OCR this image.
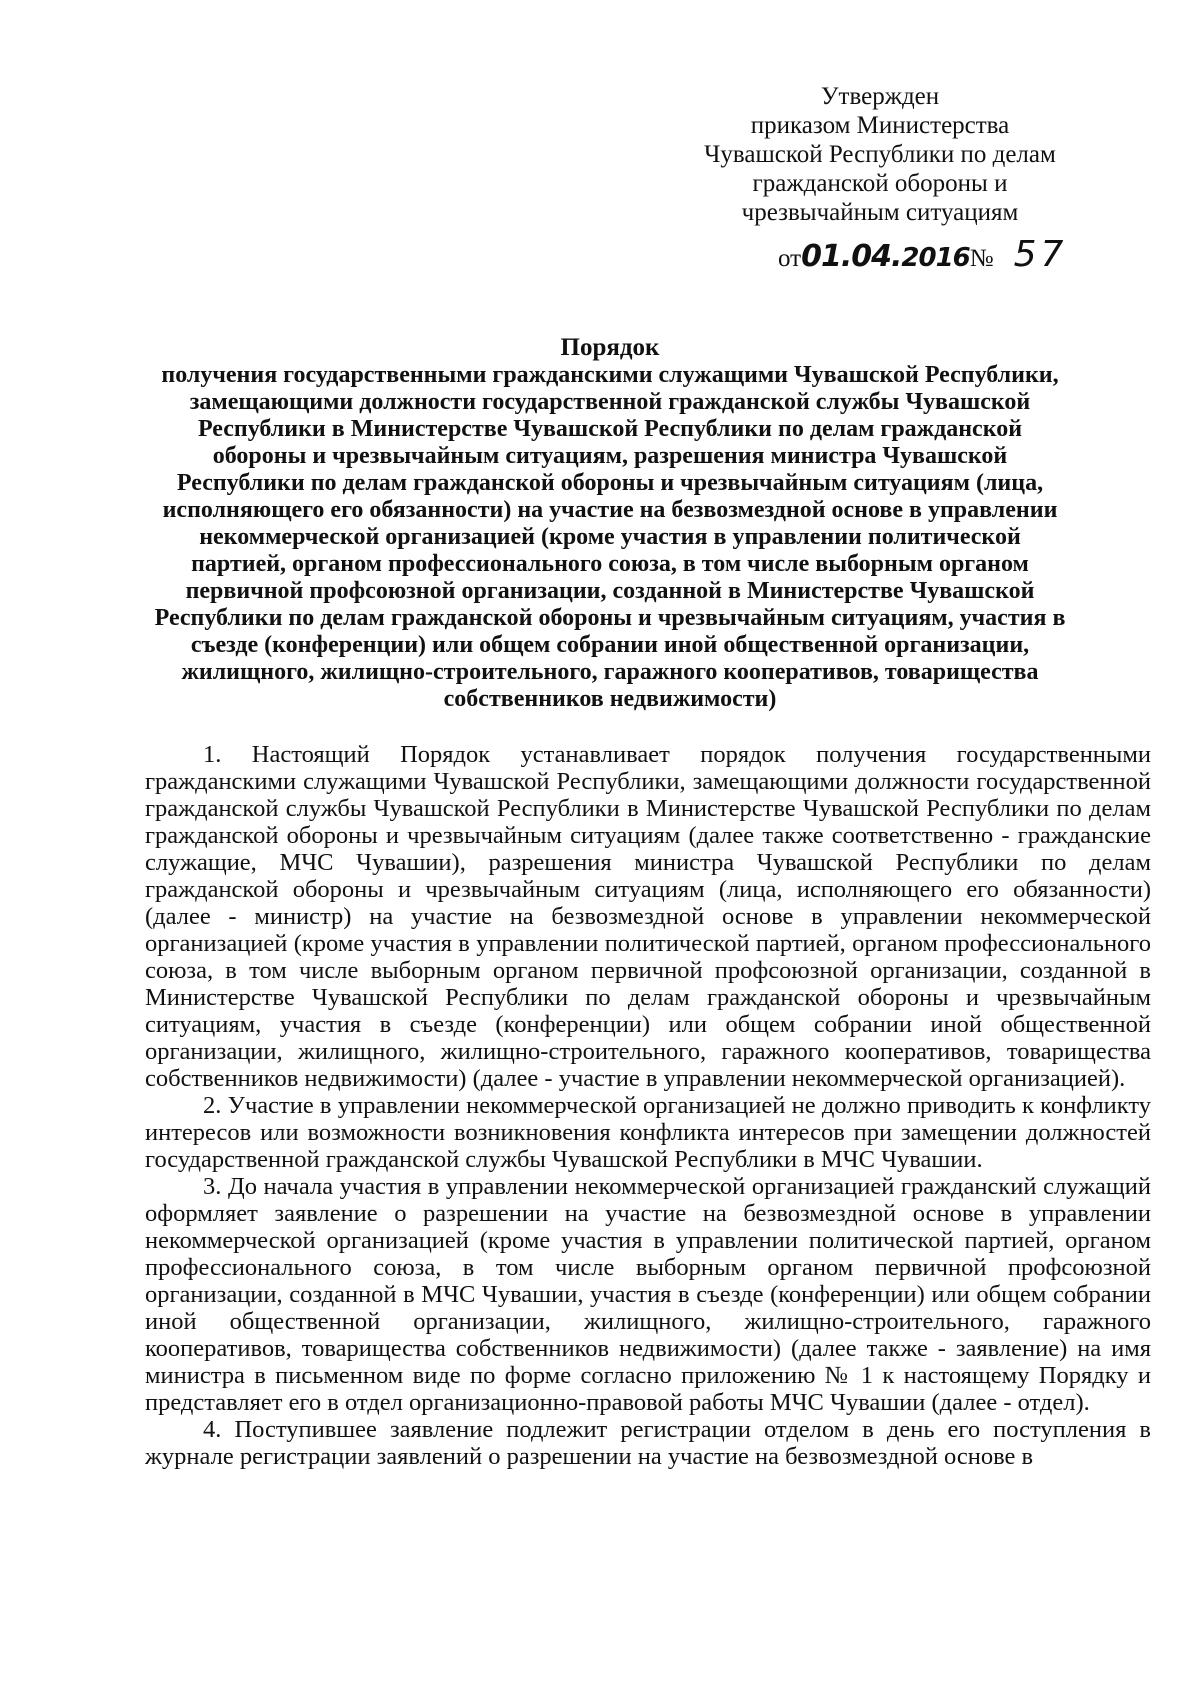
Утвержден
приказом Министерства
Чувашской Республики по делам
гражданской обороны и
чрезвычайным ситуациям
от01.04.2016№ 57
Порядок
получения государственными гражданскими служащими Чувашской Республики,
замещающими должности государственной гражданской службы Чувашской
Республики в Министерстве Чувашской Республики по делам гражданской
обороны и чрезвычайным ситуациям, разрешения министра Чувашской
Республики по делам гражданской обороны и чрезвычайным ситуациям (лица,
исполняющего его обязанности) на участие на безвозмездной основе в управлении
некоммерческой организацией (кроме участия в управлении политической
партией, органом профессионального союза, в том числе выборным органом
первичной профсоюзной организации, созданной в Министерстве Чувашской
Республики по делам гражданской обороны и чрезвычайным ситуациям, участия в
съезде (конференции) или общем собрании иной общественной организации,
жилищного, жилищно-строительного, гаражного кооперативов, товарищества
собственников недвижимости)

1. Настоящий Порядок устанавливает порядок получения государственными гражданскими служащими Чувашской Республики, замещающими должности государственной гражданской службы Чувашской Республики в Министерстве Чувашской Республики по делам гражданской обороны и чрезвычайным ситуациям (далее также соответственно - гражданские служащие, МЧС Чувашии), разрешения министра Чувашской Республики по делам гражданской обороны и чрезвычайным ситуациям (лица, исполняющего его обязанности) (далее - министр) на участие на безвозмездной основе в управлении некоммерческой организацией (кроме участия в управлении политической партией, органом профессионального союза, в том числе выборным органом первичной профсоюзной организации, созданной в Министерстве Чувашской Республики по делам гражданской обороны и чрезвычайным ситуациям, участия в съезде (конференции) или общем собрании иной общественной организации, жилищного, жилищно-строительного, гаражного кооперативов, товарищества собственников недвижимости) (далее - участие в управлении некоммерческой организацией).

2. Участие в управлении некоммерческой организацией не должно приводить к конфликту интересов или возможности возникновения конфликта интересов при замещении должностей государственной гражданской службы Чувашской Республики в МЧС Чувашии.

3. До начала участия в управлении некоммерческой организацией гражданский служащий оформляет заявление о разрешении на участие на безвозмездной основе в управлении некоммерческой организацией (кроме участия в управлении политической партией, органом профессионального союза, в том числе выборным органом первичной профсоюзной организации, созданной в МЧС Чувашии, участия в съезде (конференции) или общем собрании иной общественной организации, жилищного, жилищно-строительного, гаражного кооперативов, товарищества собственников недвижимости) (далее также - заявление) на имя министра в письменном виде по форме согласно приложению № 1 к настоящему Порядку и представляет его в отдел организационно-правовой работы МЧС Чувашии (далее - отдел).

4. Поступившее заявление подлежит регистрации отделом в день его поступления в журнале регистрации заявлений о разрешении на участие на безвозмездной основе в
